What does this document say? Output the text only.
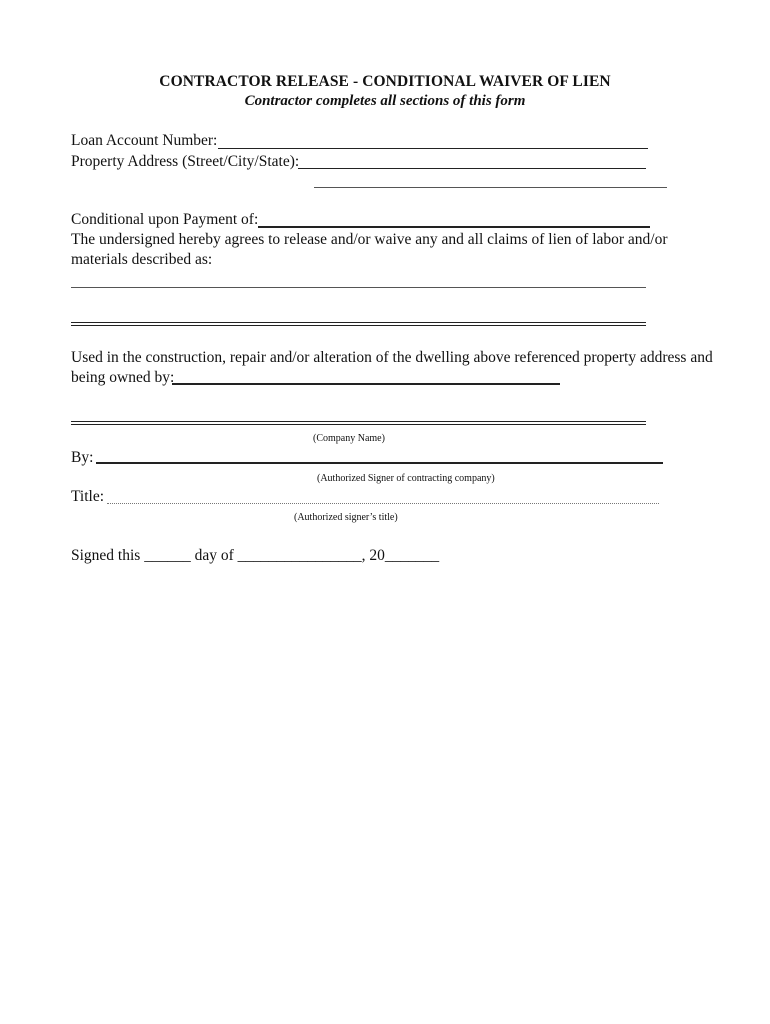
CONTRACTOR RELEASE - CONDITIONAL WAIVER OF LIEN
Contractor completes all sections of this form
Loan Account Number:
Property Address (Street/City/State):
Conditional upon Payment of:
The undersigned hereby agrees to release and/or waive any and all claims of lien of labor and/or
materials described as:
Used in the construction, repair and/or alteration of the dwelling above referenced property address and
being owned by:
(Company Name)
By:
(Authorized Signer of contracting company)
Title:
(Authorized signer’s title)
Signed this ______ day of ________________, 20_______
